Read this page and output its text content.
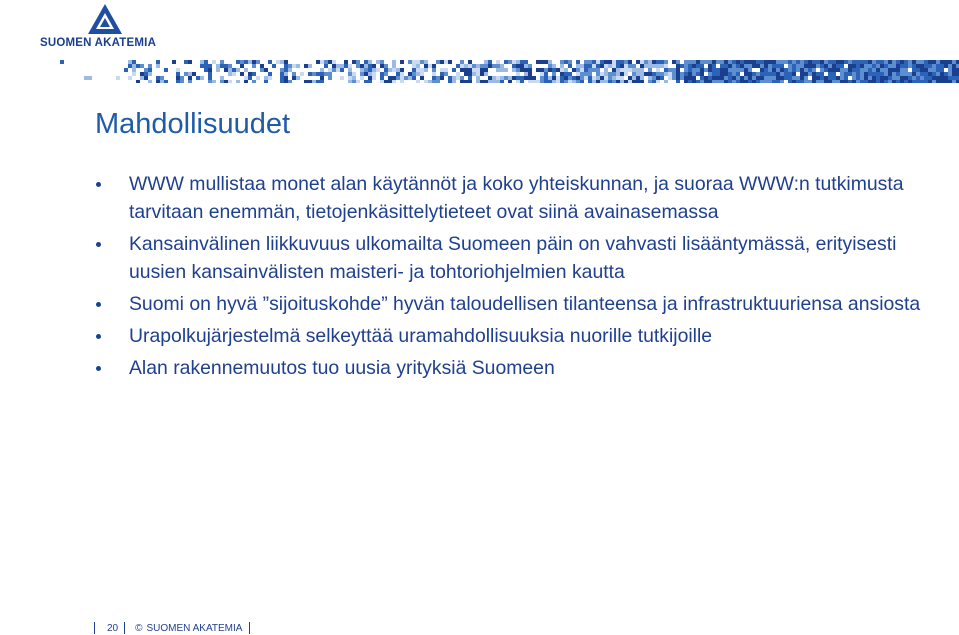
SUOMEN AKATEMIA
Mahdollisuudet
WWW mullistaa monet alan käytännöt ja koko yhteiskunnan, ja suoraa WWW:n tutkimusta tarvitaan enemmän, tietojenkäsittelytieteet ovat siinä avainasemassa
Kansainvälinen liikkuvuus ulkomailta Suomeen päin on vahvasti lisääntymässä, erityisesti uusien kansainvälisten maisteri- ja tohtoriohjelmien kautta
Suomi on hyvä ”sijoituskohde” hyvän taloudellisen tilanteensa ja infrastruktuuriensa ansiosta
Urapolkujärjestelmä selkeyttää uramahdollisuuksia nuorille tutkijoille
Alan rakennemuutos tuo uusia yrityksiä Suomeen
20 © SUOMEN AKATEMIA
